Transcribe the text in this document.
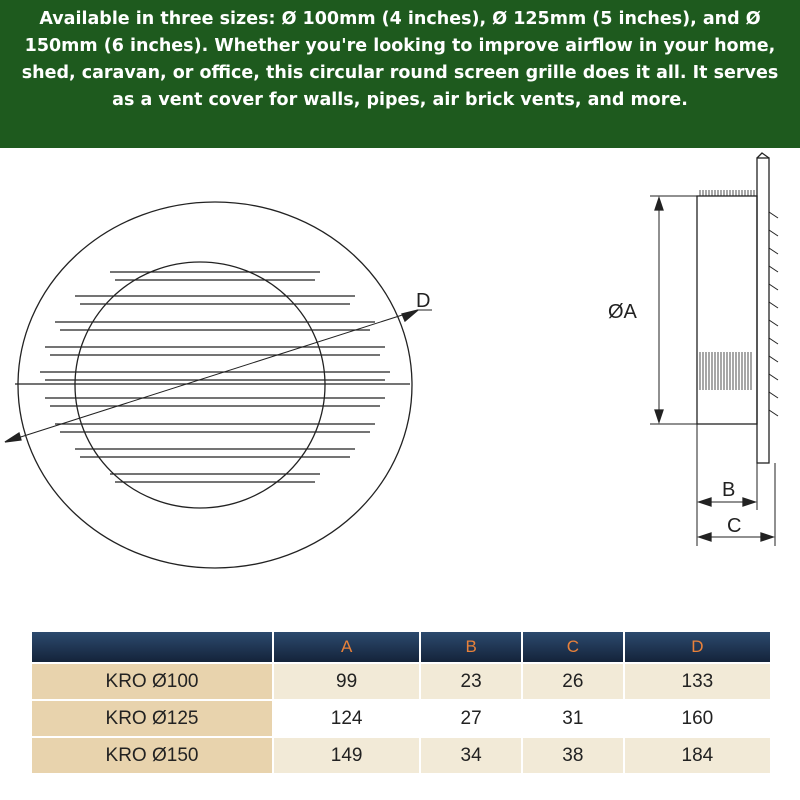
Available in three sizes: Ø 100mm (4 inches), Ø 125mm (5 inches), and Ø 150mm (6 inches). Whether you're looking to improve airflow in your home, shed, caravan, or office, this circular round screen grille does it all. It serves as a vent cover for walls, pipes, air brick vents, and more.
D	ØA
B
C
	A	B	C	D
KRO Ø100	99	23	26	133
KRO Ø125	124	27	31	160
KRO Ø150	149	34	38	184
